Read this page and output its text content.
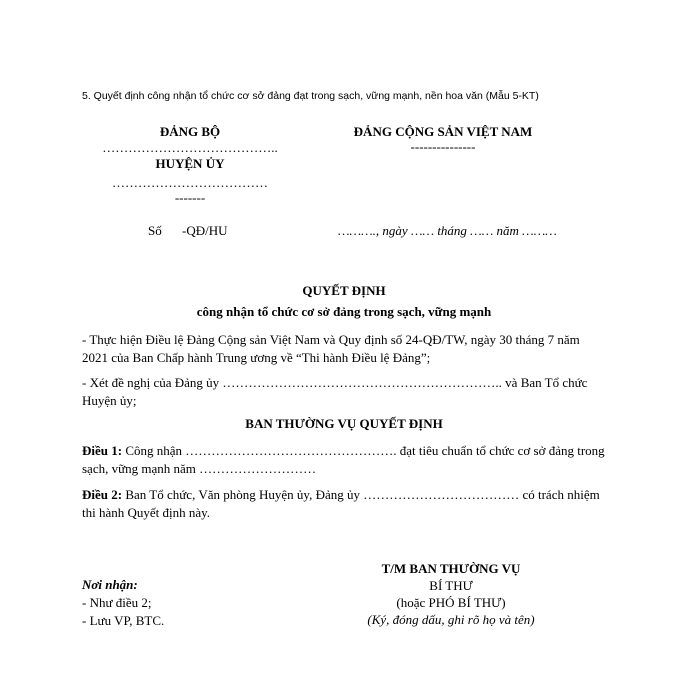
5. Quyết định công nhận tổ chức cơ sở đảng đạt trong sạch, vững mạnh, nền hoa văn (Mẫu 5-KT)
ĐẢNG BỘ
…………………………………..
HUYỆN ỦY
………………………………
-------
ĐẢNG CỘNG SẢN VIỆT NAM
---------------
Số -QĐ/HU	………., ngày …… tháng …… năm ………
QUYẾT ĐỊNH
công nhận tổ chức cơ sở đảng trong sạch, vững mạnh
- Thực hiện Điều lệ Đảng Cộng sản Việt Nam và Quy định số 24-QĐ/TW, ngày 30 tháng 7 năm 2021 của Ban Chấp hành Trung ương về “Thi hành Điều lệ Đảng”;
- Xét đề nghị của Đảng ủy ……………………………………………………….. và Ban Tổ chức Huyện ủy;
BAN THƯỜNG VỤ QUYẾT ĐỊNH
Điều 1: Công nhận …………………………………………. đạt tiêu chuẩn tổ chức cơ sở đảng trong sạch, vững mạnh năm ………………………
Điều 2: Ban Tổ chức, Văn phòng Huyện ủy, Đảng ủy ……………………………… có trách nhiệm thi hành Quyết định này.
Nơi nhận:
- Như điều 2;
- Lưu VP, BTC.
T/M BAN THƯỜNG VỤ
BÍ THƯ
(hoặc PHÓ BÍ THƯ)
(Ký, đóng dấu, ghi rõ họ và tên)
